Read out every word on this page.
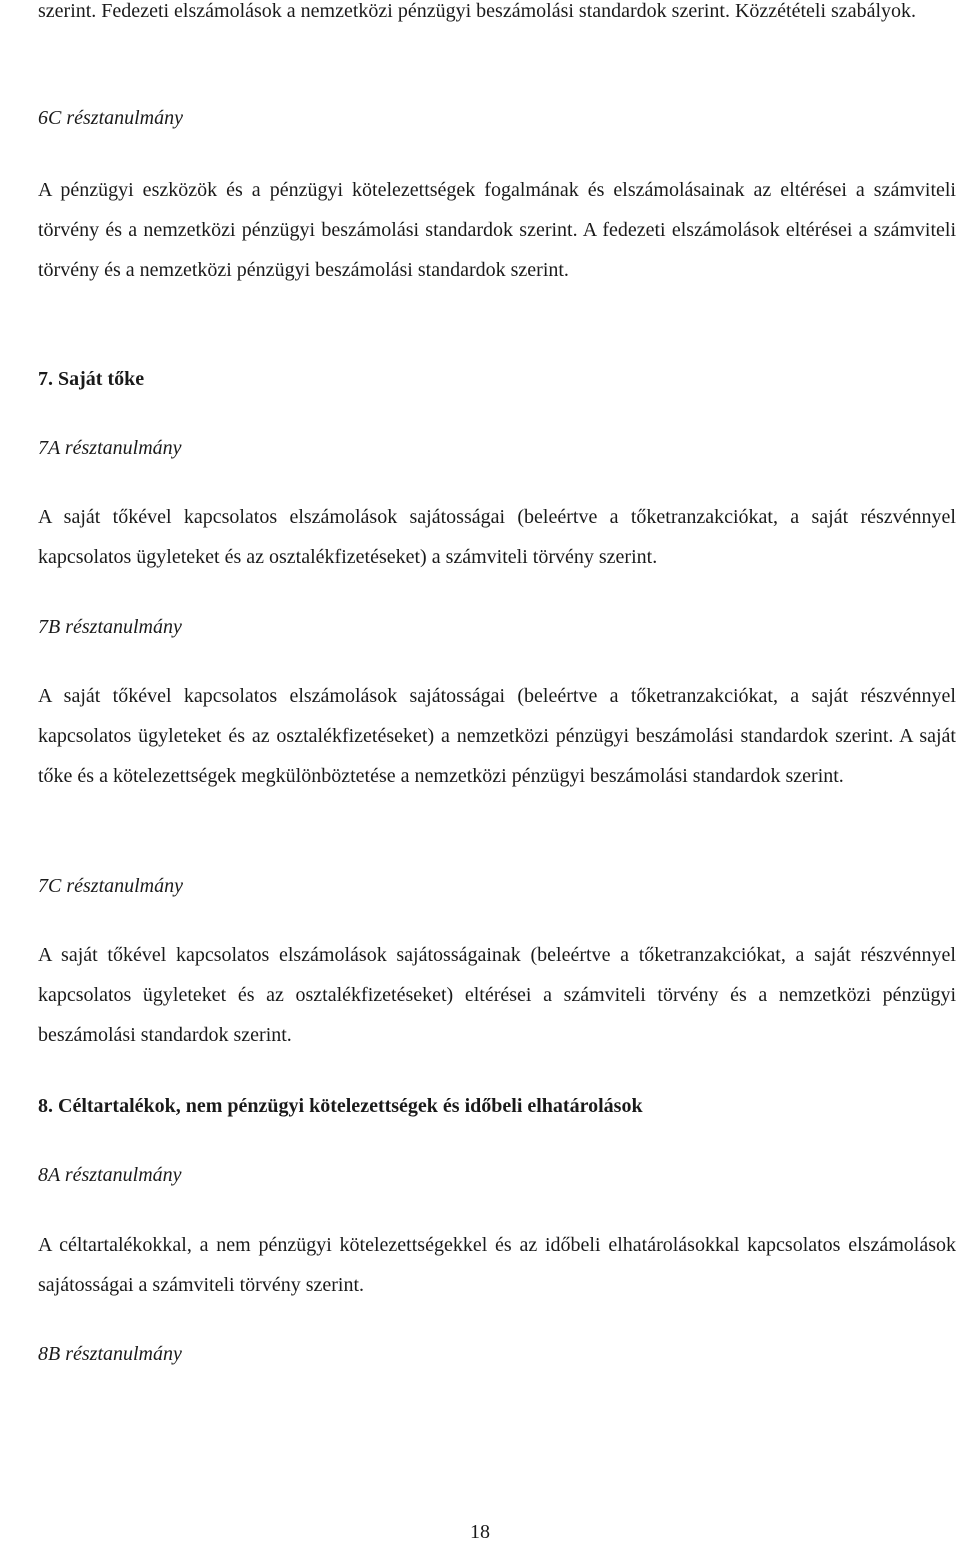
szerint. Fedezeti elszámolások a nemzetközi pénzügyi beszámolási standardok szerint. Közzétételi szabályok.

6C résztanulmány

A pénzügyi eszközök és a pénzügyi kötelezettségek fogalmának és elszámolásainak az eltérései a számviteli törvény és a nemzetközi pénzügyi beszámolási standardok szerint. A fedezeti elszámolások eltérései a számviteli törvény és a nemzetközi pénzügyi beszámolási standardok szerint.

7. Saját tőke

7A résztanulmány

A saját tőkével kapcsolatos elszámolások sajátosságai (beleértve a tőketranzakciókat, a saját részvénnyel kapcsolatos ügyleteket és az osztalékfizetéseket) a számviteli törvény szerint.

7B résztanulmány

A saját tőkével kapcsolatos elszámolások sajátosságai (beleértve a tőketranzakciókat, a saját részvénnyel kapcsolatos ügyleteket és az osztalékfizetéseket) a nemzetközi pénzügyi beszámolási standardok szerint. A saját tőke és a kötelezettségek megkülönböztetése a nemzetközi pénzügyi beszámolási standardok szerint.

7C résztanulmány

A saját tőkével kapcsolatos elszámolások sajátosságainak (beleértve a tőketranzakciókat, a saját részvénnyel kapcsolatos ügyleteket és az osztalékfizetéseket) eltérései a számviteli törvény és a nemzetközi pénzügyi beszámolási standardok szerint.

8. Céltartalékok, nem pénzügyi kötelezettségek és időbeli elhatárolások

8A résztanulmány

A céltartalékokkal, a nem pénzügyi kötelezettségekkel és az időbeli elhatárolásokkal kapcsolatos elszámolások sajátosságai a számviteli törvény szerint.

8B résztanulmány

18
